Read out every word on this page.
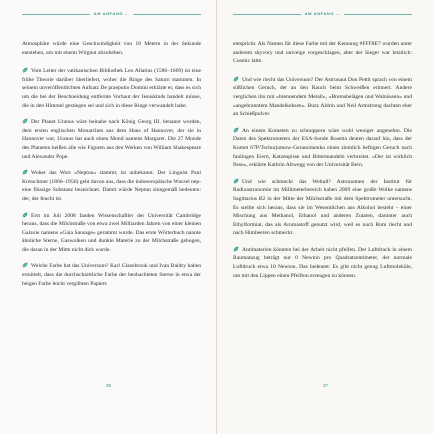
AM ANFANG …

Atmosphäre würde eine Geschwindigkeit von 18 Metern in der Sekunde entstehen, um mit einem Wirgnut abzuheben.

Vom Leiter der vatikanischen Bibliothek Leo Allatius (1586–1669) ist eine frühe Theorie darüber überliefert, woher die Ringe des Saturn stammen. In seinem unveröffentlichten Aufsatz De praeputio Domini erklärte er, dass es sich um die bei der Beschneidung entfernte Vorhaut der Jesuskinds handelt müsse, die in den Himmel gestiegen sei und sich in diese Ringe verwandelt habe.

Der Planet Uranus wäre beinahe nach König Georg III. benannt worden, dem ersten englischen Monarchen aus dem Haus of Hannover, der sie in Hannover war, Uranus hat auch einen Mond namens Margaret. Die 27 Monde des Planeten heißen alle wie Figuren aus den Werken von William Shakespeare und Alexander Pope.

Woher das Wort »Neptun« stammt, ist unbekannt. Der Linguist Paul Kretschmer (1866–1956) geht davon aus, dass die indoeuropäische Wurzel nep- eine flüssige Substanz bezeichnet. Damit würde Neptun sinngemäß bedeuten: der, der feucht ist.

Erst im Juli 2008 fanden Wissenschaftler der Universität Cambridge heraus, dass die Milchstraße von etwa zwei Milliarden Jahren von einer kleinen Galaxie namens »Gaia Sausage« gerammt wurde. Das erste Wörterbuch nannte ähnliche Sterne, Gaswolken und dunkle Materie zu der Milchstraße gebogen, die daran in der Mitte nicht dick wurde.

Welche Farbe hat das Universum? Karl Glazebrook und Ivan Baldry haben ermittelt, dass die durchschnittliche Farbe der beobachteten Sterne in etwa der beigen Farbe leicht vergilbten Papiers

35
AM ANFANG …

entspricht. Als Namen für diese Farbe mit der Kennung #FFF8E7 wurden unter anderem skyvory und univeige vorgeschlagen, aber der Sieger war letztlich: Cosmic latte.

Und wie riecht das Universum? Der Astronaut Don Pettit sprach von einem süßlichen Geruch, der an den Rauch beim Schweißen erinnert. Andere verglichen ihn mit »brennendem Metall«, »Bremsbelägen und Walnüssen« und »angebranntem Mandelkeksen«. Buzz Aldrin und Neil Armstrong dachten eher an Schießpulver.

An einem Kometen zu schnuppern wäre wohl weniger angenehm. Die Daten des Spektrometers der ESA-Sonde Rosetta deuten darauf hin, dass der Komet 67P/Tschurjumow-Gerassimenko einen ziemlich heftigen Geruch nach faulingen Eiern, Katzenpisse und Bittermandeln verbreitet. »Der ist wirklich fiese«, erklärte Kathrin Altwegg von der Universität Bern.

Und wie schmeckt das Weltall? Astronomen der Institut für Radioastronomie im Millimeterbereich haben 2009 eine große Wolke namens Sagittarius B2 in der Mitte der Milchstraße mit dem Spektrometer untersucht. Es stellte sich heraus, dass sie im Wesentlichen aus Alkohol besteht – einer Mischung aus Methanol, Ethanol und anderen Zutaten, darunter auch Ethylformiat, das als Aromastoff genutzt wird, weil es nach Rum riecht und nach Himbeeren schmeckt.

Antimaterien könnten bei der Arbeit nicht pfeifen. Der Luftdruck in einem Raumanzug beträgt nur 0 Newton pro Quadratzentimeter, der normale Luftdruck etwa 10 Newton. Das bedeutet: Es gibt nicht genug Luftmoleküle, um mit den Lippen einen Pfeifton erzeugen zu können.

37
